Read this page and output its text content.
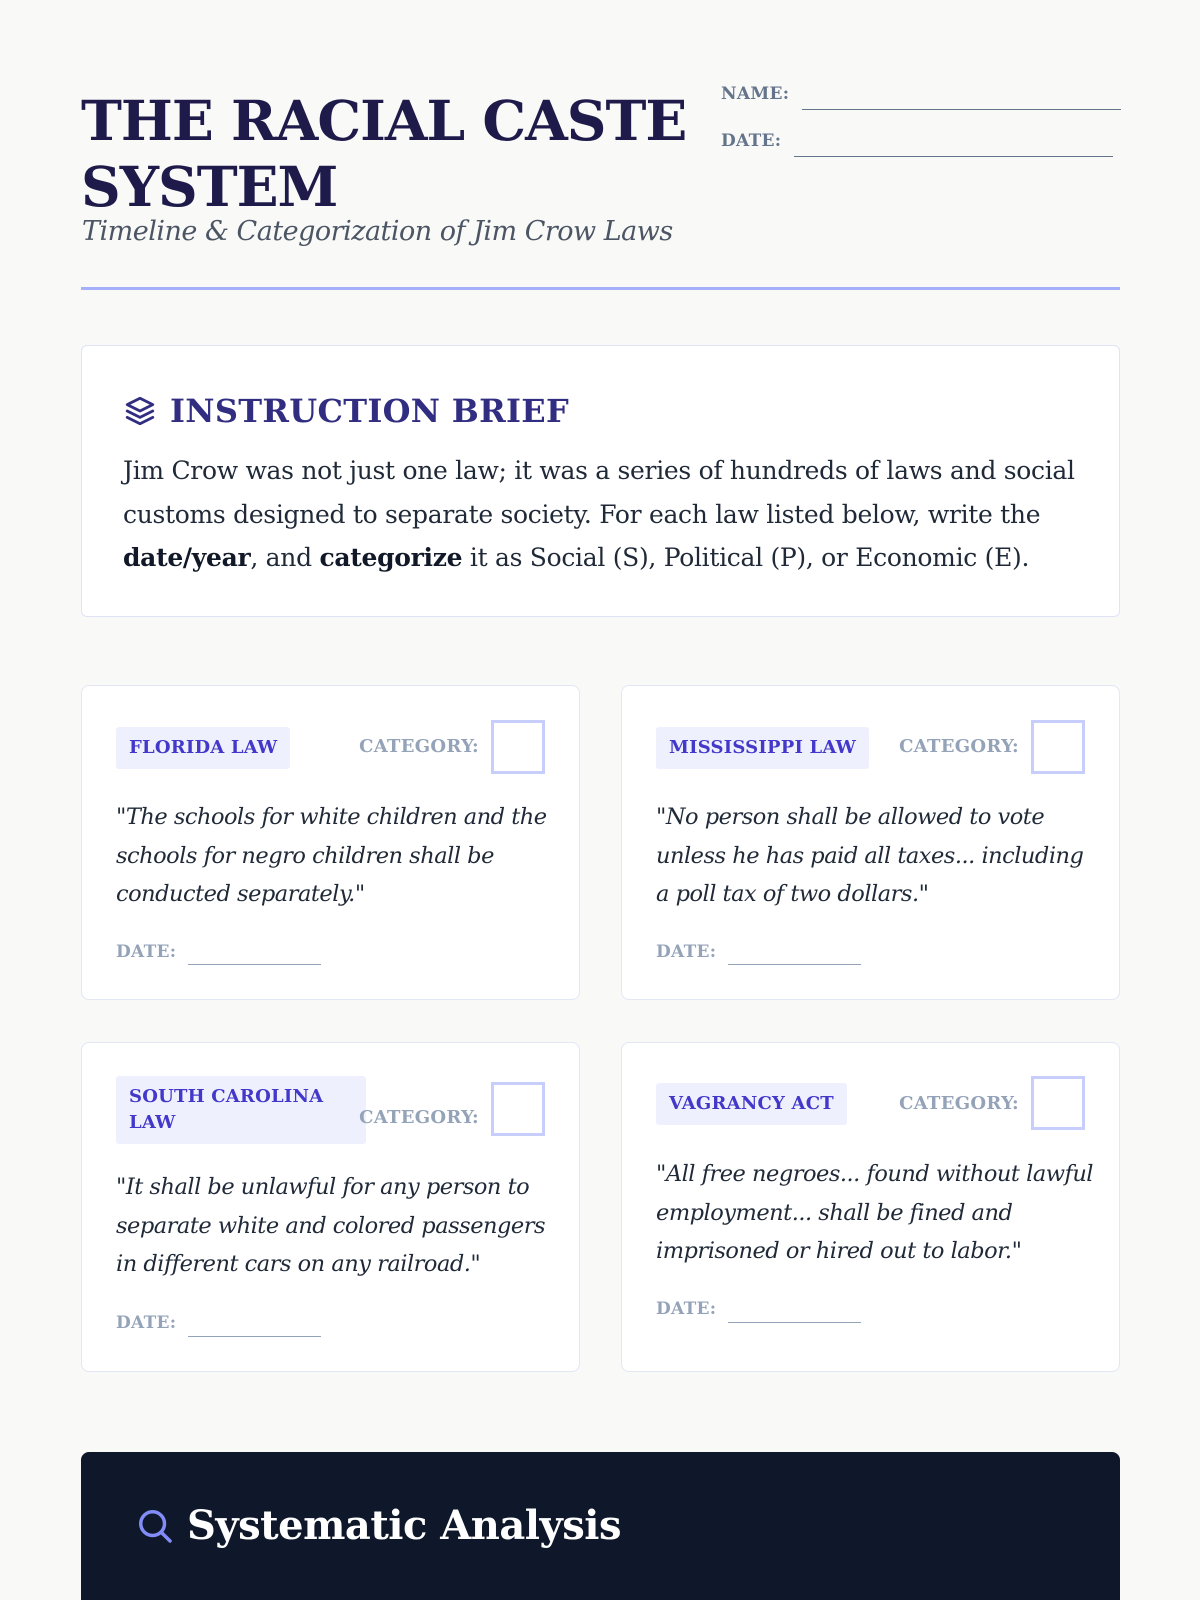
THE RACIAL CASTE SYSTEM
Timeline & Categorization of Jim Crow Laws
NAME:
DATE:
INSTRUCTION BRIEF

Jim Crow was not just one law; it was a series of hundreds of laws and social customs designed to separate society. For each law listed below, write the date/year, and categorize it as Social (S), Political (P), or Economic (E).

FLORIDA LAW	CATEGORY:

"The schools for white children and the schools for negro children shall be conducted separately."

DATE:
MISSISSIPPI LAW	CATEGORY:

"No person shall be allowed to vote unless he has paid all taxes... including a poll tax of two dollars."

DATE:
SOUTH CAROLINA LAW	CATEGORY:

"It shall be unlawful for any person to separate white and colored passengers in different cars on any railroad."

DATE:
VAGRANCY ACT	CATEGORY:

"All free negroes... found without lawful employment... shall be fined and imprisoned or hired out to labor."

DATE:
Systematic Analysis
